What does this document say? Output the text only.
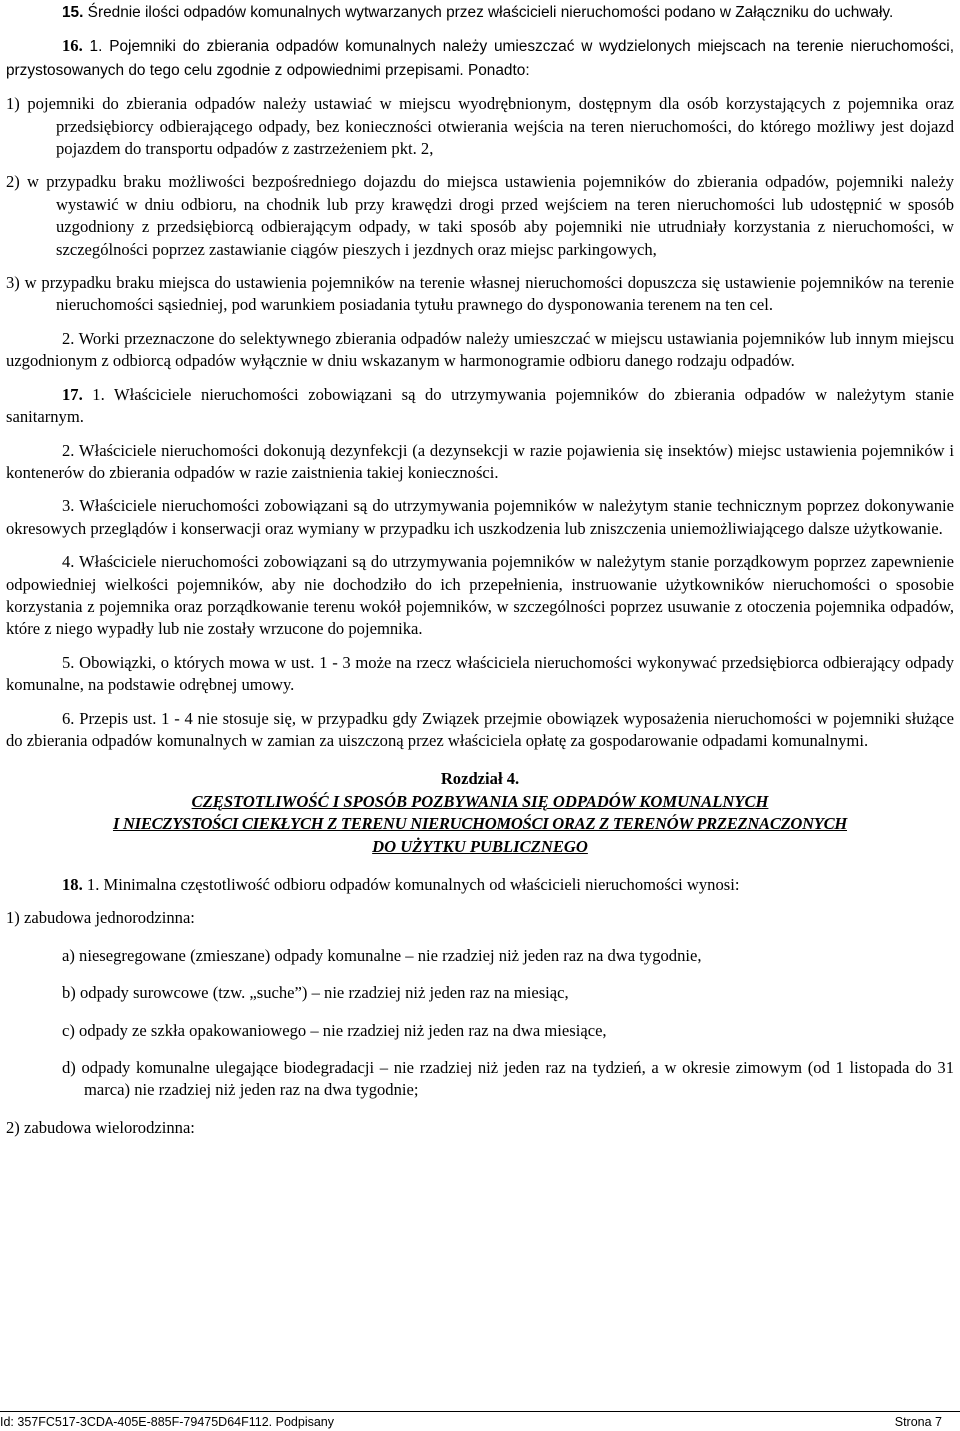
15. Średnie ilości odpadów komunalnych wytwarzanych przez właścicieli nieruchomości podano w Załączniku do uchwały.

16. 1. Pojemniki do zbierania odpadów komunalnych należy umieszczać w wydzielonych miejscach na terenie nieruchomości, przystosowanych do tego celu zgodnie z odpowiednimi przepisami. Ponadto:

1) pojemniki do zbierania odpadów należy ustawiać w miejscu wyodrębnionym, dostępnym dla osób korzystających z pojemnika oraz przedsiębiorcy odbierającego odpady, bez konieczności otwierania wejścia na teren nieruchomości, do którego możliwy jest dojazd pojazdem do transportu odpadów z zastrzeżeniem pkt. 2,

2) w przypadku braku możliwości bezpośredniego dojazdu do miejsca ustawienia pojemników do zbierania odpadów, pojemniki należy wystawić w dniu odbioru, na chodnik lub przy krawędzi drogi przed wejściem na teren nieruchomości lub udostępnić w sposób uzgodniony z przedsiębiorcą odbierającym odpady, w taki sposób aby pojemniki nie utrudniały korzystania z nieruchomości, w szczególności poprzez zastawianie ciągów pieszych i jezdnych oraz miejsc parkingowych,

3) w przypadku braku miejsca do ustawienia pojemników na terenie własnej nieruchomości dopuszcza się ustawienie pojemników na terenie nieruchomości sąsiedniej, pod warunkiem posiadania tytułu prawnego do dysponowania terenem na ten cel.

2. Worki przeznaczone do selektywnego zbierania odpadów należy umieszczać w miejscu ustawiania pojemników lub innym miejscu uzgodnionym z odbiorcą odpadów wyłącznie w dniu wskazanym w harmonogramie odbioru danego rodzaju odpadów.

17. 1. Właściciele nieruchomości zobowiązani są do utrzymywania pojemników do zbierania odpadów w należytym stanie sanitarnym.

2. Właściciele nieruchomości dokonują dezynfekcji (a dezynsekcji w razie pojawienia się insektów) miejsc ustawienia pojemników i kontenerów do zbierania odpadów w razie zaistnienia takiej konieczności.

3. Właściciele nieruchomości zobowiązani są do utrzymywania pojemników w należytym stanie technicznym poprzez dokonywanie okresowych przeglądów i konserwacji oraz wymiany w przypadku ich uszkodzenia lub zniszczenia uniemożliwiającego dalsze użytkowanie.

4. Właściciele nieruchomości zobowiązani są do utrzymywania pojemników w należytym stanie porządkowym poprzez zapewnienie odpowiedniej wielkości pojemników, aby nie dochodziło do ich przepełnienia, instruowanie użytkowników nieruchomości o sposobie korzystania z pojemnika oraz porządkowanie terenu wokół pojemników, w szczególności poprzez usuwanie z otoczenia pojemnika odpadów, które z niego wypadły lub nie zostały wrzucone do pojemnika.

5. Obowiązki, o których mowa w ust. 1 - 3 może na rzecz właściciela nieruchomości wykonywać przedsiębiorca odbierający odpady komunalne, na podstawie odrębnej umowy.

6. Przepis ust. 1 - 4 nie stosuje się, w przypadku gdy Związek przejmie obowiązek wyposażenia nieruchomości w pojemniki służące do zbierania odpadów komunalnych w zamian za uiszczoną przez właściciela opłatę za gospodarowanie odpadami komunalnymi.

Rozdział 4.

CZĘSTOTLIWOŚĆ I SPOSÓB POZBYWANIA SIĘ ODPADÓW KOMUNALNYCH

I NIECZYSTOŚCI CIEKŁYCH Z TERENU NIERUCHOMOŚCI ORAZ Z TERENÓW PRZEZNACZONYCH

DO UŻYTKU PUBLICZNEGO

18. 1. Minimalna częstotliwość odbioru odpadów komunalnych od właścicieli nieruchomości wynosi:

1) zabudowa jednorodzinna:

a) niesegregowane (zmieszane) odpady komunalne – nie rzadziej niż jeden raz na dwa tygodnie,

b) odpady surowcowe (tzw. „suche”) – nie rzadziej niż jeden raz na miesiąc,

c) odpady ze szkła opakowaniowego – nie rzadziej niż jeden raz na dwa miesiące,

d) odpady komunalne ulegające biodegradacji – nie rzadziej niż jeden raz na tydzień, a w okresie zimowym (od 1 listopada do 31 marca) nie rzadziej niż jeden raz na dwa tygodnie;

2) zabudowa wielorodzinna:

Id: 357FC517-3CDA-405E-885F-79475D64F112. Podpisany	Strona 7
